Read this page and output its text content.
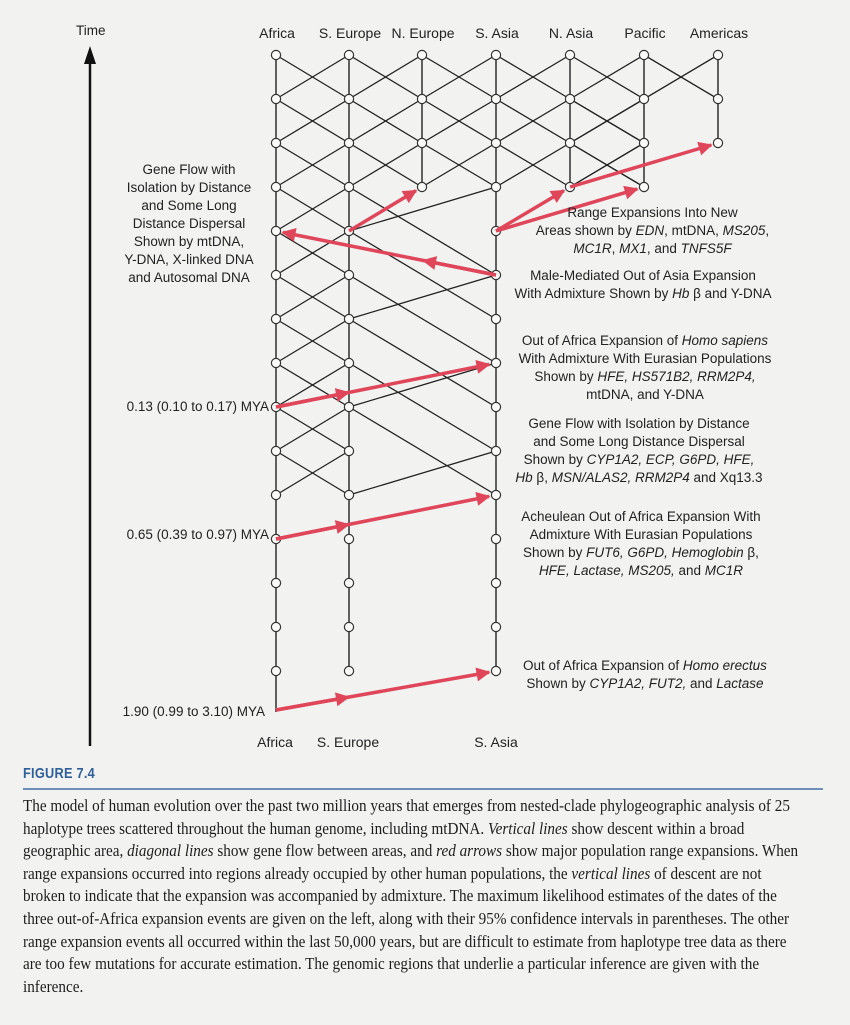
Time	Africa S. Europe N. Europe S. Asia N. Asia Pacific Americas
Africa S. Europe	S. Asia
Gene Flow with
Isolation by Distance
and Some Long
Distance Dispersal
Shown by mtDNA,
Y-DNA, X-linked DNA
and Autosomal DNA
0.13 (0.10 to 0.17) MYA
0.65 (0.39 to 0.97) MYA
1.90 (0.99 to 3.10) MYA
Range Expansions Into New
Areas shown by EDN, mtDNA, MS205,
MC1R, MX1, and TNFS5F
Male-Mediated Out of Asia Expansion
With Admixture Shown by Hb β and Y-DNA
Out of Africa Expansion of Homo sapiens
With Admixture With Eurasian Populations
Shown by HFE, HS571B2, RRM2P4,
mtDNA, and Y-DNA
Gene Flow with Isolation by Distance
and Some Long Distance Dispersal
Shown by CYP1A2, ECP, G6PD, HFE,
Hb β, MSN/ALAS2, RRM2P4 and Xq13.3
Acheulean Out of Africa Expansion With
Admixture With Eurasian Populations
Shown by FUT6, G6PD, Hemoglobin β,
HFE, Lactase, MS205, and MC1R
Out of Africa Expansion of Homo erectus
Shown by CYP1A2, FUT2, and Lactase
FIGURE 7.4
The model of human evolution over the past two million years that emerges from nested-clade phylogeographic analysis of 25 haplotype trees scattered throughout the human genome, including mtDNA. Vertical lines show descent within a broad geographic area, diagonal lines show gene flow between areas, and red arrows show major population range expansions. When range expansions occurred into regions already occupied by other human populations, the vertical lines of descent are not broken to indicate that the expansion was accompanied by admixture. The maximum likelihood estimates of the dates of the three out-of-Africa expansion events are given on the left, along with their 95% confidence intervals in parentheses. The other range expansion events all occurred within the last 50,000 years, but are difficult to estimate from haplotype tree data as there are too few mutations for accurate estimation. The genomic regions that underlie a particular inference are given with the inference.
